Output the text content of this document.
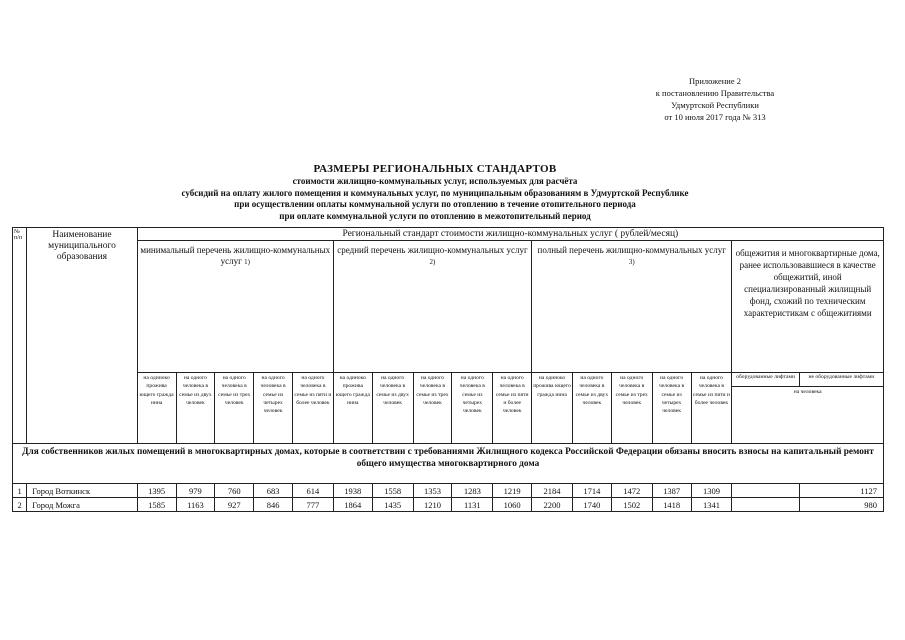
Приложение 2
к постановлению Правительства
Удмуртской Республики
от 10 июля 2017 года № 313
РАЗМЕРЫ РЕГИОНАЛЬНЫХ СТАНДАРТОВ
стоимости жилищно-коммунальных услуг, используемых для расчёта
субсидий на оплату жилого помещения и коммунальных услуг, по муниципальным образованиям в Удмуртской Республике
при осуществлении оплаты коммунальной услуги по отоплению в течение отопительного периода
при оплате коммунальной услуги по отоплению в межотопительный период
№ п/п	Наименование муниципального образования	Региональный стандарт стоимости жилищно-коммунальных услуг ( рублей/месяц)																
		минимальный перечень жилищно-коммунальных услуг 1)					средний перечень жилищно-коммунальных услуг 2)					полный перечень жилищно-коммунальных услуг 3)					общежития и многоквартирные дома, ранее использовавшиеся в качестве общежитий, иной специализированный жилищный фонд, схожий по техническим характеристикам с общежитиями	
		на одиноко прожива ющего гражда нина	на одного человека в семье из двух человек	на одного человека в семье из трех человек	на одного человека в семье из четырех человек	на одного человека в семье из пяти и более человек	на одиноко прожива ющего гражда нина	на одного человека в семье из двух человек	на одного человека в семье из трех человек	на одного человека в семье из четырех человек	на одного человека в семье из пяти и более человек	на одиноко прожива ющего гражда нина	на одного человека в семье из двух человек	на одного человека в семье из трех человек	на одного человека в семье из четырех человек	на одного человека в семье из пяти и более человек	оборудованные лифтами	не оборудованные лифтами
																	на человека	
Для собственников жилых помещений в многоквартирных домах, которые в соответствии с требованиями Жилищного кодекса Российской Федерации обязаны вносить взносы на капитальный ремонт общего имущества многоквартирного дома																		
1	Город Воткинск	1395	979	760	683	614	1938	1558	1353	1283	1219	2184	1714	1472	1387	1309		1127
2	Город Можга	1585	1163	927	846	777	1864	1435	1210	1131	1060	2200	1740	1502	1418	1341		980
